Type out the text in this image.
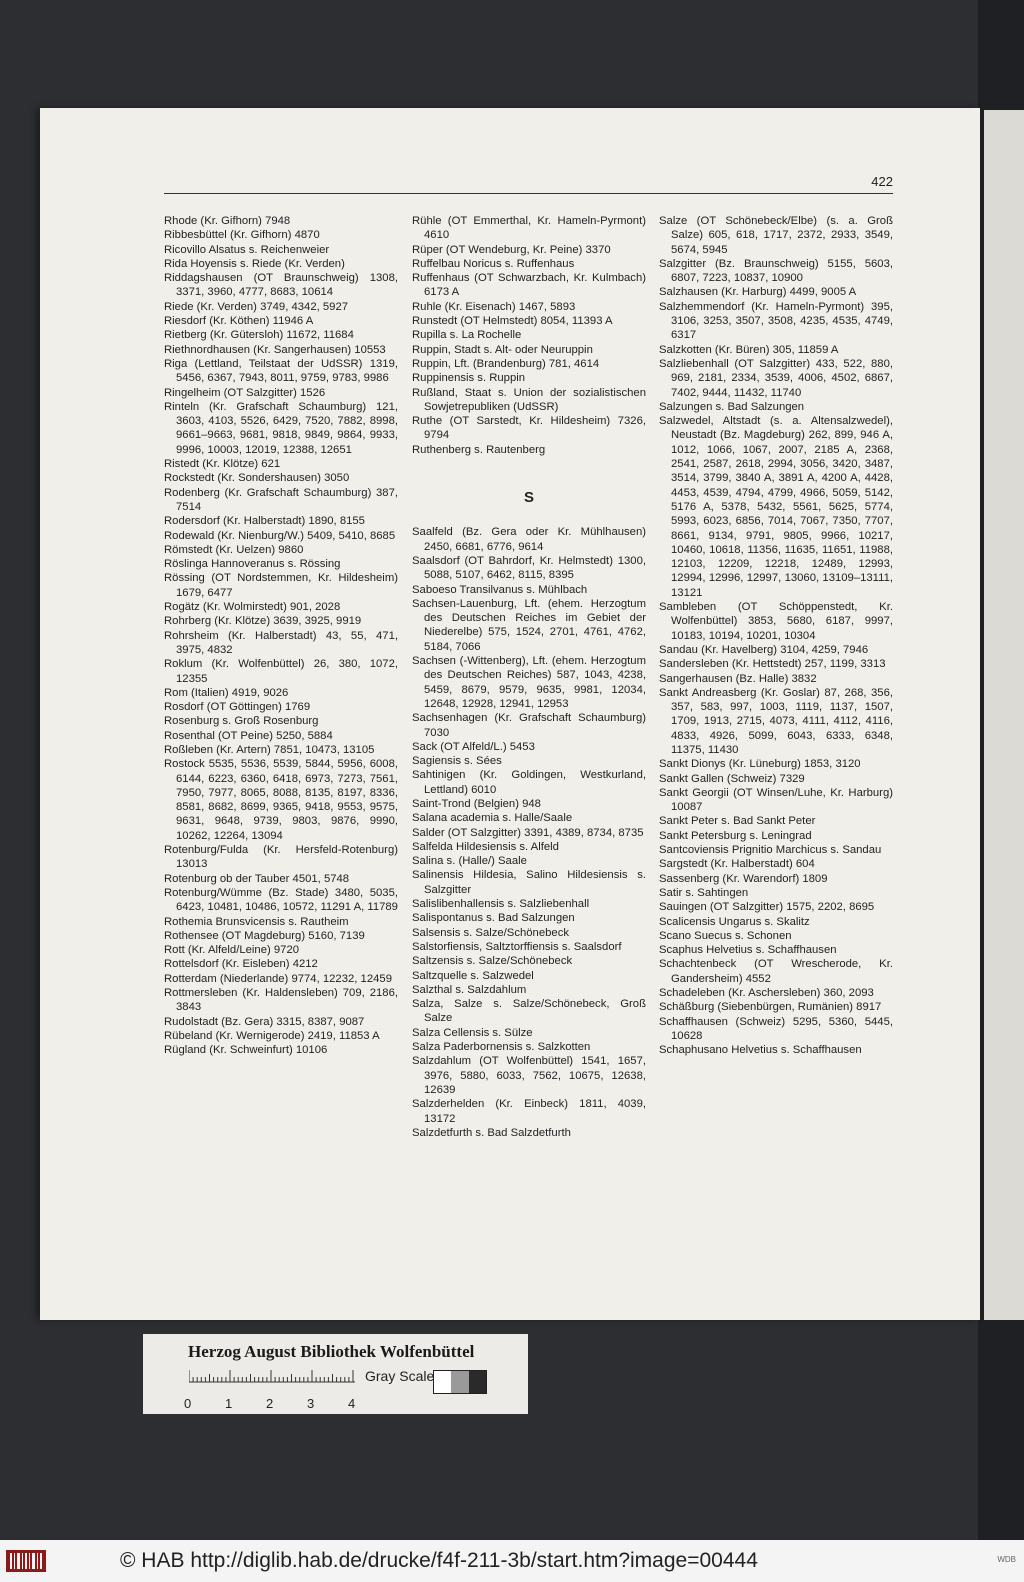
422
Rhode (Kr. Gifhorn) 7948
Ribbesbüttel (Kr. Gifhorn) 4870
Ricovillo Alsatus s. Reichenweier
Rida Hoyensis s. Riede (Kr. Verden)
Riddagshausen (OT Braunschweig) 1308, 3371, 3960, 4777, 8683, 10614
Riede (Kr. Verden) 3749, 4342, 5927
Riesdorf (Kr. Köthen) 11946 A
Rietberg (Kr. Gütersloh) 11672, 11684
Riethnordhausen (Kr. Sangerhausen) 10553
Riga (Lettland, Teilstaat der UdSSR) 1319, 5456, 6367, 7943, 8011, 9759, 9783, 9986
Ringelheim (OT Salzgitter) 1526
Rinteln (Kr. Grafschaft Schaumburg) 121, 3603, 4103, 5526, 6429, 7520, 7882, 8998, 9661–9663, 9681, 9818, 9849, 9864, 9933, 9996, 10003, 12019, 12388, 12651
Ristedt (Kr. Klötze) 621
Rockstedt (Kr. Sondershausen) 3050
Rodenberg (Kr. Grafschaft Schaumburg) 387, 7514
Rodersdorf (Kr. Halberstadt) 1890, 8155
Rodewald (Kr. Nienburg/W.) 5409, 5410, 8685
Römstedt (Kr. Uelzen) 9860
Röslinga Hannoveranus s. Rössing
Rössing (OT Nordstemmen, Kr. Hildesheim) 1679, 6477
Rogätz (Kr. Wolmirstedt) 901, 2028
Rohrberg (Kr. Klötze) 3639, 3925, 9919
Rohrsheim (Kr. Halberstadt) 43, 55, 471, 3975, 4832
Roklum (Kr. Wolfenbüttel) 26, 380, 1072, 12355
Rom (Italien) 4919, 9026
Rosdorf (OT Göttingen) 1769
Rosenburg s. Groß Rosenburg
Rosenthal (OT Peine) 5250, 5884
Roßleben (Kr. Artern) 7851, 10473, 13105
Rostock 5535, 5536, 5539, 5844, 5956, 6008, 6144, 6223, 6360, 6418, 6973, 7273, 7561, 7950, 7977, 8065, 8088, 8135, 8197, 8336, 8581, 8682, 8699, 9365, 9418, 9553, 9575, 9631, 9648, 9739, 9803, 9876, 9990, 10262, 12264, 13094
Rotenburg/Fulda (Kr. Hersfeld-Rotenburg) 13013
Rotenburg ob der Tauber 4501, 5748
Rotenburg/Wümme (Bz. Stade) 3480, 5035, 6423, 10481, 10486, 10572, 11291 A, 11789
Rothemia Brunsvicensis s. Rautheim
Rothensee (OT Magdeburg) 5160, 7139
Rott (Kr. Alfeld/Leine) 9720
Rottelsdorf (Kr. Eisleben) 4212
Rotterdam (Niederlande) 9774, 12232, 12459
Rottmersleben (Kr. Haldensleben) 709, 2186, 3843
Rudolstadt (Bz. Gera) 3315, 8387, 9087
Rübeland (Kr. Wernigerode) 2419, 11853 A
Rügland (Kr. Schweinfurt) 10106
Rühle (OT Emmerthal, Kr. Hameln-Pyrmont) 4610
Rüper (OT Wendeburg, Kr. Peine) 3370
Ruffelbau Noricus s. Ruffenhaus
Ruffenhaus (OT Schwarzbach, Kr. Kulmbach) 6173 A
Ruhle (Kr. Eisenach) 1467, 5893
Runstedt (OT Helmstedt) 8054, 11393 A
Rupilla s. La Rochelle
Ruppin, Stadt s. Alt- oder Neuruppin
Ruppin, Lft. (Brandenburg) 781, 4614
Ruppinensis s. Ruppin
Rußland, Staat s. Union der sozialistischen Sowjetrepubliken (UdSSR)
Ruthe (OT Sarstedt, Kr. Hildesheim) 7326, 9794
Ruthenberg s. Rautenberg
S
Saalfeld (Bz. Gera oder Kr. Mühlhausen) 2450, 6681, 6776, 9614
Saalsdorf (OT Bahrdorf, Kr. Helmstedt) 1300, 5088, 5107, 6462, 8115, 8395
Saboeso Transilvanus s. Mühlbach
Sachsen-Lauenburg, Lft. (ehem. Herzogtum des Deutschen Reiches im Gebiet der Niederelbe) 575, 1524, 2701, 4761, 4762, 5184, 7066
Sachsen (-Wittenberg), Lft. (ehem. Herzogtum des Deutschen Reiches) 587, 1043, 4238, 5459, 8679, 9579, 9635, 9981, 12034, 12648, 12928, 12941, 12953
Sachsenhagen (Kr. Grafschaft Schaumburg) 7030
Sack (OT Alfeld/L.) 5453
Sagiensis s. Sées
Sahtinigen (Kr. Goldingen, Westkurland, Lettland) 6010
Saint-Trond (Belgien) 948
Salana academia s. Halle/Saale
Salder (OT Salzgitter) 3391, 4389, 8734, 8735
Salfelda Hildesiensis s. Alfeld
Salina s. (Halle/) Saale
Salinensis Hildesia, Salino Hildesiensis s. Salzgitter
Salislibenhallensis s. Salzliebenhall
Salispontanus s. Bad Salzungen
Salsensis s. Salze/Schönebeck
Salstorfiensis, Saltztorffiensis s. Saalsdorf
Saltzensis s. Salze/Schönebeck
Saltzquelle s. Salzwedel
Salzthal s. Salzdahlum
Salza, Salze s. Salze/Schönebeck, Groß Salze
Salza Cellensis s. Sülze
Salza Paderbornensis s. Salzkotten
Salzdahlum (OT Wolfenbüttel) 1541, 1657, 3976, 5880, 6033, 7562, 10675, 12638, 12639
Salzderhelden (Kr. Einbeck) 1811, 4039, 13172
Salzdetfurth s. Bad Salzdetfurth
Salze (OT Schönebeck/Elbe) (s. a. Groß Salze) 605, 618, 1717, 2372, 2933, 3549, 5674, 5945
Salzgitter (Bz. Braunschweig) 5155, 5603, 6807, 7223, 10837, 10900
Salzhausen (Kr. Harburg) 4499, 9005 A
Salzhemmendorf (Kr. Hameln-Pyrmont) 395, 3106, 3253, 3507, 3508, 4235, 4535, 4749, 6317
Salzkotten (Kr. Büren) 305, 11859 A
Salzliebenhall (OT Salzgitter) 433, 522, 880, 969, 2181, 2334, 3539, 4006, 4502, 6867, 7402, 9444, 11432, 11740
Salzungen s. Bad Salzungen
Salzwedel, Altstadt (s. a. Altensalzwedel), Neustadt (Bz. Magdeburg) 262, 899, 946 A, 1012, 1066, 1067, 2007, 2185 A, 2368, 2541, 2587, 2618, 2994, 3056, 3420, 3487, 3514, 3799, 3840 A, 3891 A, 4200 A, 4428, 4453, 4539, 4794, 4799, 4966, 5059, 5142, 5176 A, 5378, 5432, 5561, 5625, 5774, 5993, 6023, 6856, 7014, 7067, 7350, 7707, 8661, 9134, 9791, 9805, 9966, 10217, 10460, 10618, 11356, 11635, 11651, 11988, 12103, 12209, 12218, 12489, 12993, 12994, 12996, 12997, 13060, 13109–13111, 13121
Sambleben (OT Schöppenstedt, Kr. Wolfenbüttel) 3853, 5680, 6187, 9997, 10183, 10194, 10201, 10304
Sandau (Kr. Havelberg) 3104, 4259, 7946
Sandersleben (Kr. Hettstedt) 257, 1199, 3313
Sangerhausen (Bz. Halle) 3832
Sankt Andreasberg (Kr. Goslar) 87, 268, 356, 357, 583, 997, 1003, 1119, 1137, 1507, 1709, 1913, 2715, 4073, 4111, 4112, 4116, 4833, 4926, 5099, 6043, 6333, 6348, 11375, 11430
Sankt Dionys (Kr. Lüneburg) 1853, 3120
Sankt Gallen (Schweiz) 7329
Sankt Georgii (OT Winsen/Luhe, Kr. Harburg) 10087
Sankt Peter s. Bad Sankt Peter
Sankt Petersburg s. Leningrad
Santcoviensis Prignitio Marchicus s. Sandau
Sargstedt (Kr. Halberstadt) 604
Sassenberg (Kr. Warendorf) 1809
Satir s. Sahtingen
Sauingen (OT Salzgitter) 1575, 2202, 8695
Scalicensis Ungarus s. Skalitz
Scano Suecus s. Schonen
Scaphus Helvetius s. Schaffhausen
Schachtenbeck (OT Wrescherode, Kr. Gandersheim) 4552
Schadeleben (Kr. Aschersleben) 360, 2093
Schäßburg (Siebenbürgen, Rumänien) 8917
Schaffhausen (Schweiz) 5295, 5360, 5445, 10628
Schaphusano Helvetius s. Schaffhausen
Herzog August Bibliothek Wolfenbüttel
Gray Scale
0	1	2	3	4
© HAB http://diglib.hab.de/drucke/f4f-211-3b/start.htm?image=00444	WDB
